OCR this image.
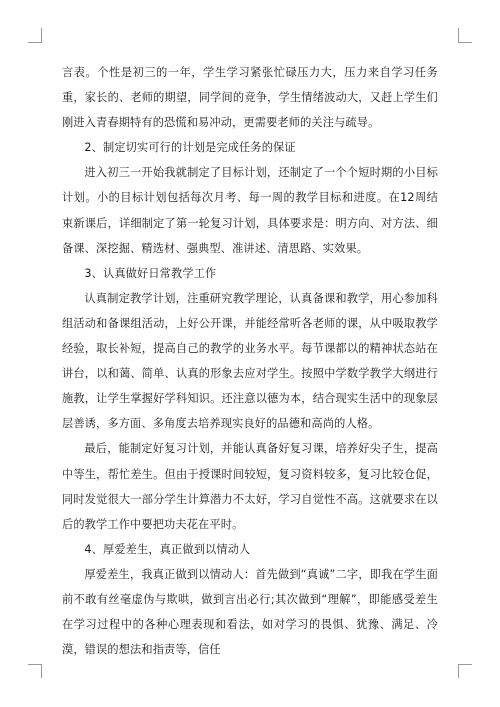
言表。个性是初三的一年，学生学习紧张忙碌压力大，压力来自学习任务重，家长的、老师的期望，同学间的竞争，学生情绪波动大，又赶上学生们刚进入青春期特有的恐慌和易冲动，更需要老师的关注与疏导。

2、制定切实可行的计划是完成任务的保证

进入初三一开始我就制定了目标计划，还制定了一个个短时期的小目标计划。小的目标计划包括每次月考、每一周的教学目标和进度。在12周结束新课后，详细制定了第一轮复习计划，具体要求是：明方向、对方法、细备课、深挖掘、精选材、强典型、准讲述、清思路、实效果。

3、认真做好日常教学工作

认真制定教学计划，注重研究教学理论，认真备课和教学，用心参加科组活动和备课组活动，上好公开课，并能经常听各老师的课，从中吸取教学经验，取长补短，提高自己的教学的业务水平。每节课都以的精神状态站在讲台，以和蔼、简单、认真的形象去应对学生。按照中学数学教学大纲进行施教，让学生掌握好学科知识。还注意以德为本，结合现实生活中的现象层层善诱，多方面、多角度去培养现实良好的品德和高尚的人格。

最后，能制定好复习计划，并能认真备好复习课，培养好尖子生，提高中等生，帮忙差生。但由于授课时间较短，复习资料较多，复习比较仓促，同时发觉很大一部分学生计算潜力不太好，学习自觉性不高。这就要求在以后的教学工作中要把功夫花在平时。

4、厚爱差生，真正做到以情动人

厚爱差生，我真正做到以情动人：首先做到“真诚”二字，即我在学生面前不敢有丝毫虚伪与欺哄，做到言出必行;其次做到“理解”，即能感受差生在学习过程中的各种心理表现和看法，如对学习的畏惧、犹豫、满足、冷漠，错误的想法和指责等，信任
